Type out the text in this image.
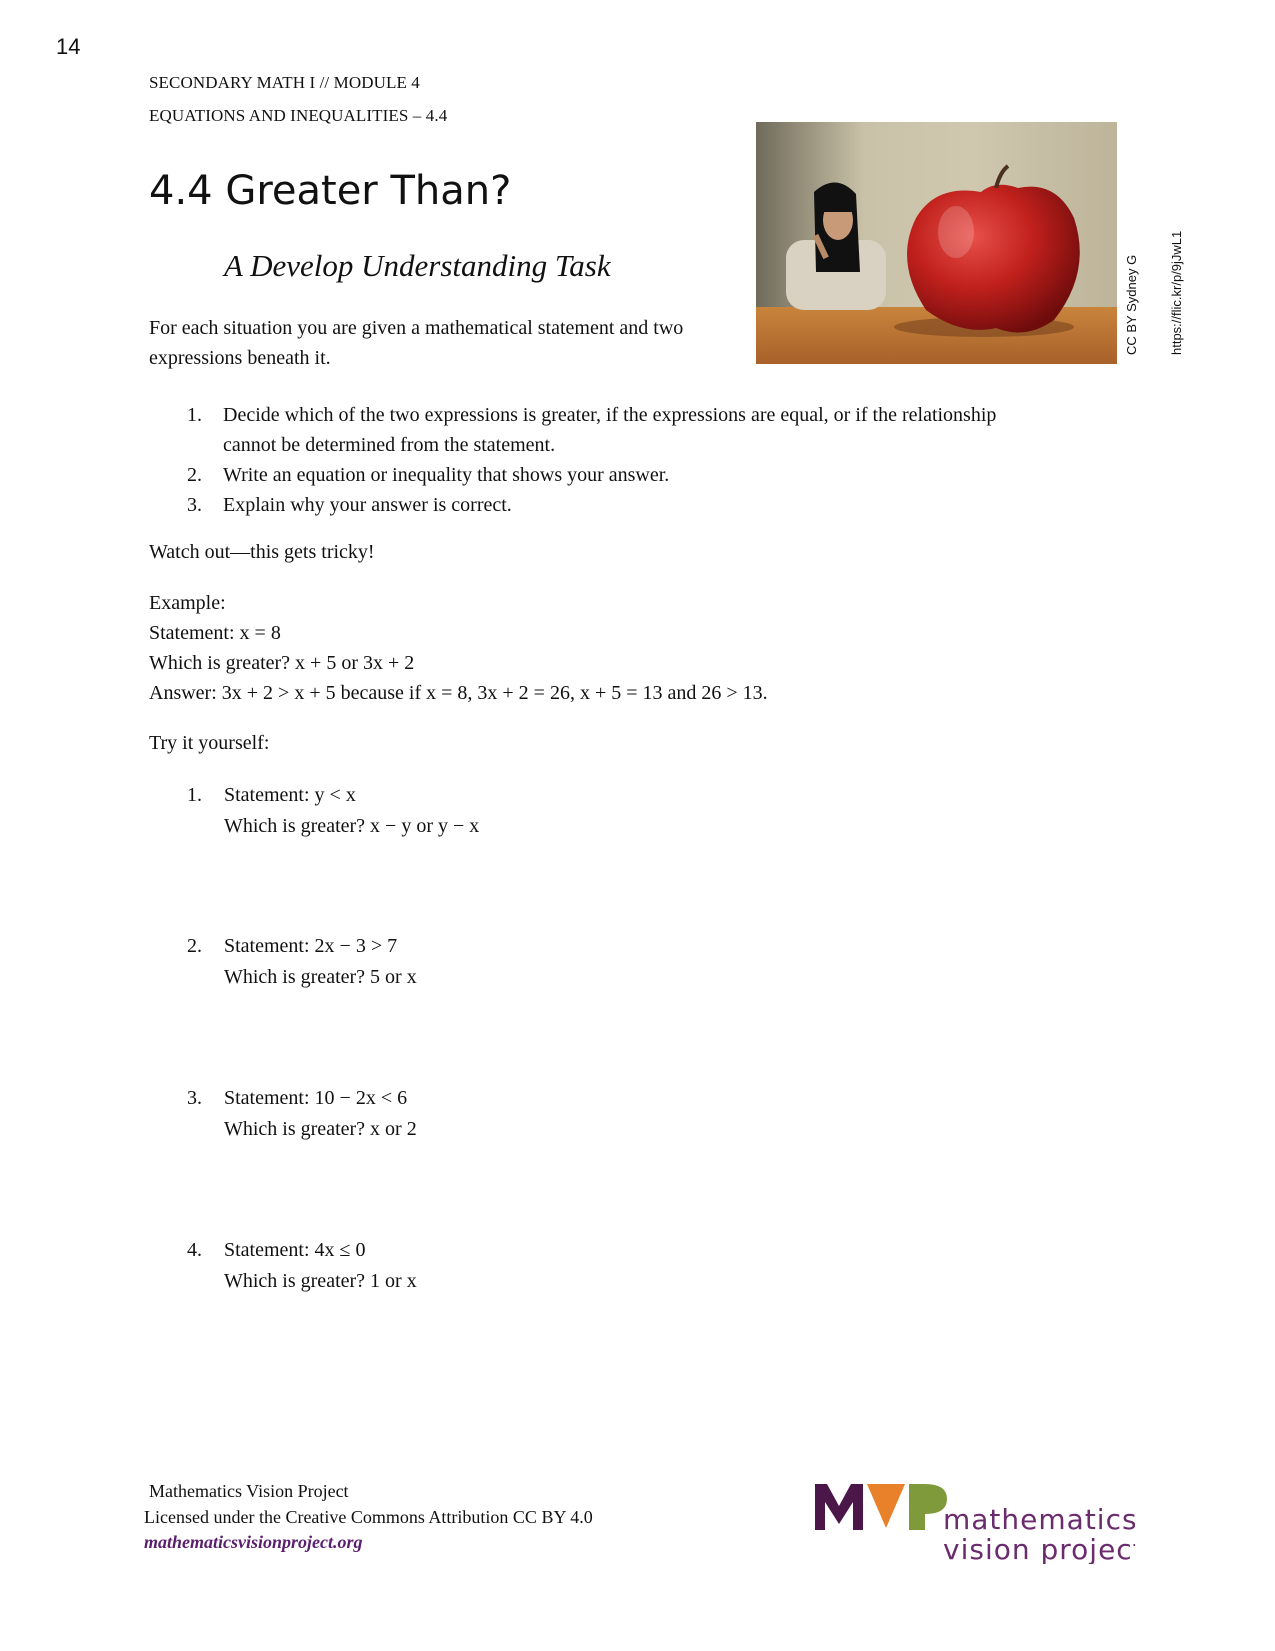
14
SECONDARY MATH I // MODULE 4
EQUATIONS AND INEQUALITIES – 4.4
4.4 Greater Than?
A Develop Understanding Task
For each situation you are given a mathematical statement and two expressions beneath it.
CC BY Sydney G https://flic.kr/p/9jJwL1
1. Decide which of the two expressions is greater, if the expressions are equal, or if the relationship cannot be determined from the statement.
2. Write an equation or inequality that shows your answer.
3. Explain why your answer is correct.
Watch out—this gets tricky!
Example:
Statement: x = 8
Which is greater? x + 5 or 3x + 2
Answer: 3x + 2 > x + 5 because if x = 8, 3x + 2 = 26, x + 5 = 13 and 26 > 13.
Try it yourself:
1. Statement: y < x
Which is greater? x − y or y − x
2. Statement: 2x − 3 > 7
Which is greater? 5 or x
3. Statement: 10 − 2x < 6
Which is greater? x or 2
4. Statement: 4x ≤ 0
Which is greater? 1 or x
Mathematics Vision Project
Licensed under the Creative Commons Attribution CC BY 4.0
mathematicsvisionproject.org
mathematics
vision project
